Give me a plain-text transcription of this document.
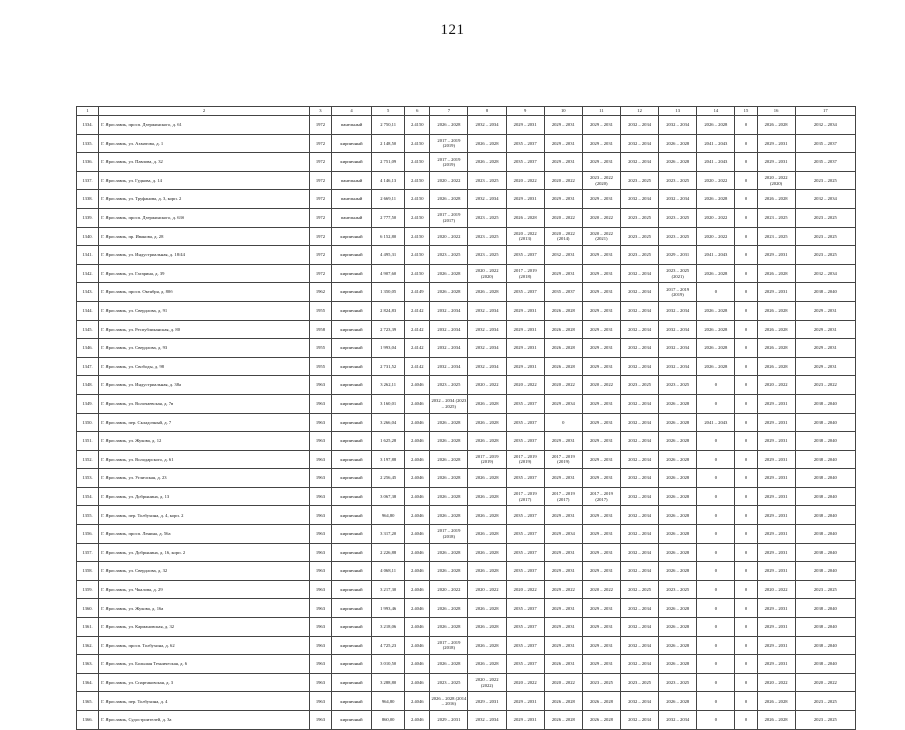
121
1	2	3	4	5	6	7	8	9	10	11	12	13	14	15	16	17
1334.	Г. Ярославль, просп. Дзержинского, д. 61	1972	панельный	2 750,11	2.4150	2026 – 2028	2032 – 2034	2029 – 2031	2029 – 2031	2029 – 2031	2032 – 2034	2032 – 2034	2026 – 2028	0	2026 – 2028	2032 – 2034
1335.	Г. Ярославль, ул. Ахматова, д. 1	1972	кирпичный	2 148,50	2.4150	2017 – 2019 (2019)	2026 – 2028	2035 – 2037	2029 – 2031	2029 – 2031	2032 – 2034	2026 – 2028	2041 – 2043	0	2029 – 2031	2035 – 2037
1336.	Г. Ярославль, ул. Павлова, д. 32	1972	кирпичный	2 751,09	2.4150	2017 – 2019 (2019)	2026 – 2028	2035 – 2037	2029 – 2031	2029 – 2031	2032 – 2034	2026 – 2028	2041 – 2043	0	2029 – 2031	2035 – 2037
1337.	Г. Ярославль, ул. Гудкова, д. 14	1972	панельный	4 146,13	2.4150	2020 – 2022	2023 – 2025	2020 – 2022	2020 – 2022	2023 – 2022 (2020)	2023 – 2025	2023 – 2025	2020 – 2022	0	2020 – 2022 (2020)	2023 – 2025
1338.	Г. Ярославль, ул. Труфанова, д. 3, корп. 2	1972	панельный	2 669,11	2.4150	2026 – 2028	2032 – 2034	2029 – 2031	2029 – 2031	2029 – 2031	2032 – 2034	2032 – 2034	2026 – 2028	0	2026 – 2028	2032 – 2034
1339.	Г. Ярославль, просп. Дзержинского, д. 63б	1972	панельный	2 777,50	2.4150	2017 – 2019 (2017)	2023 – 2025	2026 – 2028	2020 – 2022	2020 – 2022	2023 – 2025	2023 – 2025	2020 – 2022	0	2023 – 2025	2023 – 2025
1340.	Г. Ярославль, пр. Иванова, д. 28	1972	кирпичный	6 152,80	2.4150	2020 – 2022	2023 – 2025	2020 – 2022 (2013)	2020 – 2022 (2014)	2020 – 2022 (2021)	2023 – 2025	2023 – 2025	2020 – 2022	0	2023 – 2025	2023 – 2025
1341.	Г. Ярославль, ул. Индустриальная, д. 18/44	1972	кирпичный	4 495,31	2.4150	2023 – 2025	2023 – 2025	2035 – 2037	2032 – 2031	2029 – 2031	2023 – 2025	2029 – 2031	2041 – 2043	0	2029 – 2031	2023 – 2025
1342.	Г. Ярославль, ул. Гагарина, д. 39	1972	кирпичный	4 907,60	2.4150	2026 – 2028	2020 – 2022 (2020)	2017 – 2019 (2018)	2029 – 2031	2029 – 2031	2032 – 2034	2023 – 2025 (2021)	2026 – 2028	0	2026 – 2028	2032 – 2034
1343.	Г. Ярославль, просп. Октября, д. 80б	1962	кирпичный	1 350,05	2.4149	2026 – 2028	2026 – 2028	2035 – 2037	2035 – 2037	2029 – 2031	2032 – 2034	2017 – 2019 (2019)	0	0	2029 – 2031	2038 – 2040
1344.	Г. Ярославль, ул. Свердлова, д. 91	1955	кирпичный	2 824,83	2.4142	2032 – 2034	2032 – 2034	2029 – 2031	2026 – 2028	2029 – 2031	2032 – 2034	2032 – 2034	2026 – 2028	0	2026 – 2028	2029 – 2031
1345.	Г. Ярославль, ул. Республиканская, д. 80	1958	кирпичный	2 723,39	2.4142	2032 – 2034	2032 – 2034	2029 – 2031	2026 – 2028	2029 – 2031	2032 – 2034	2032 – 2034	2026 – 2028	0	2026 – 2028	2029 – 2031
1346.	Г. Ярославль, ул. Свердлова, д. 93	1955	кирпичный	1 993,04	2.4142	2032 – 2034	2032 – 2034	2029 – 2031	2026 – 2028	2029 – 2031	2032 – 2034	2032 – 2034	2026 – 2028	0	2026 – 2028	2029 – 2031
1347.	Г. Ярославль, ул. Свободы, д. 98	1955	кирпичный	2 731,52	2.4142	2032 – 2034	2032 – 2034	2029 – 2031	2026 – 2028	2029 – 2031	2032 – 2034	2032 – 2034	2026 – 2028	0	2026 – 2028	2029 – 2031
1348.	Г. Ярославль, ул. Индустриальная, д. 38а	1963	кирпичный	3 262,11	2.4046	2023 – 2025	2020 – 2022	2020 – 2022	2020 – 2022	2020 – 2022	2023 – 2025	2023 – 2025	0	0	2020 – 2022	2023 – 2022
1349.	Г. Ярославль, ул. Волочаевская, д. 7в	1963	кирпичный	3 160,01	2.4046	2032 – 2034 (2023 – 2025)	2026 – 2028	2035 – 2037	2029 – 2034	2029 – 2031	2032 – 2034	2026 – 2028	0	0	2029 – 2031	2038 – 2040
1350.	Г. Ярославль, пер. Складочный, д. 7	1963	кирпичный	3 266,04	2.4046	2026 – 2028	2026 – 2028	2035 – 2037	0	2029 – 2031	2032 – 2034	2026 – 2028	2041 – 2043	0	2029 – 2031	2038 – 2040
1351.	Г. Ярославль, ул. Жукова, д. 12	1963	кирпичный	1 625,28	2.4046	2026 – 2028	2026 – 2028	2035 – 2037	2029 – 2031	2029 – 2031	2032 – 2034	2026 – 2028	0	0	2029 – 2031	2038 – 2040
1352.	Г. Ярославль, ул. Володарского, д. 61	1963	кирпичный	3 197,88	2.4046	2026 – 2028	2017 – 2019 (2019)	2017 – 2019 (2019)	2017 – 2019 (2019)	2029 – 2031	2032 – 2034	2026 – 2028	0	0	2029 – 2031	2038 – 2040
1353.	Г. Ярославль, ул. Угличская, д. 23	1963	кирпичный	2 256,45	2.4046	2026 – 2028	2026 – 2028	2035 – 2037	2029 – 2031	2029 – 2031	2032 – 2034	2026 – 2028	0	0	2029 – 2031	2038 – 2040
1354.	Г. Ярославль, ул. Добрынина, д. 13	1963	кирпичный	3 067,38	2.4046	2026 – 2028	2026 – 2028	2017 – 2019 (2017)	2017 – 2019 (2017)	2017 – 2019 (2017)	2032 – 2034	2026 – 2028	0	0	2029 – 2031	2038 – 2040
1355.	Г. Ярославль, пер. Толбухина, д. 4, корп. 2	1963	кирпичный	964,80	2.4046	2026 – 2028	2026 – 2028	2035 – 2037	2029 – 2031	2029 – 2031	2032 – 2034	2026 – 2028	0	0	2029 – 2031	2038 – 2040
1356.	Г. Ярославль, просп. Ленина, д. 56а	1963	кирпичный	3 317,20	2.4046	2017 – 2019 (2018)	2026 – 2028	2035 – 2037	2029 – 2034	2029 – 2031	2032 – 2034	2026 – 2028	0	0	2029 – 2031	2038 – 2040
1357.	Г. Ярославль, ул. Добрынина, д. 16, корп. 2	1963	кирпичный	2 226,88	2.4046	2026 – 2028	2026 – 2028	2035 – 2037	2029 – 2031	2029 – 2031	2032 – 2034	2026 – 2028	0	0	2029 – 2031	2038 – 2040
1358.	Г. Ярославль, ул. Свердлова, д. 32	1963	кирпичный	4 068,11	2.4046	2026 – 2028	2026 – 2028	2035 – 2037	2029 – 2031	2029 – 2031	2032 – 2034	2026 – 2028	0	0	2029 – 2031	2038 – 2040
1359.	Г. Ярославль, ул. Чкалова, д. 29	1963	кирпичный	3 217,30	2.4046	2020 – 2022	2020 – 2022	2020 – 2022	2029 – 2022	2020 – 2022	2032 – 2025	2023 – 2025	0	0	2020 – 2022	2023 – 2025
1360.	Г. Ярославль, ул. Жукова, д. 16а	1963	кирпичный	1 993,46	2.4046	2026 – 2028	2026 – 2028	2035 – 2037	2029 – 2031	2029 – 2031	2032 – 2034	2026 – 2028	0	0	2029 – 2031	2038 – 2040
1361.	Г. Ярославль, ул. Кармановская, д. 32	1963	кирпичный	3 218,06	2.4046	2026 – 2028	2026 – 2028	2035 – 2037	2029 – 2031	2029 – 2031	2032 – 2034	2026 – 2028	0	0	2029 – 2031	2038 – 2040
1362.	Г. Ярославль, просп. Толбухина, д. 62	1963	кирпичный	4 725,23	2.4046	2017 – 2019 (2018)	2026 – 2028	2035 – 2037	2029 – 2031	2029 – 2031	2032 – 2034	2026 – 2028	0	0	2029 – 2031	2038 – 2040
1363.	Г. Ярославль, ул. Большая Техническая, д. 6	1963	кирпичный	3 010,50	2.4046	2026 – 2028	2026 – 2028	2035 – 2037	2026 – 2031	2029 – 2031	2032 – 2034	2026 – 2028	0	0	2029 – 2031	2038 – 2040
1364.	Г. Ярославль, ул. Спартаковская, д. 3	1963	кирпичный	3 288,80	2.4046	2023 – 2025	2020 – 2022 (2022)	2020 – 2022	2020 – 2022	2023 – 2025	2023 – 2025	2023 – 2025	0	0	2020 – 2022	2020 – 2022
1365.	Г. Ярославль, пер. Толбухина, д. 4	1963	кирпичный	964,80	2.4046	2026 – 2028 (2014 – 2016)	2029 – 2031	2029 – 2031	2026 – 2028	2026 – 2028	2032 – 2034	2026 – 2028	0	0	2026 – 2028	2023 – 2025
1366.	Г. Ярославль, Судостроителей, д. 3а	1963	кирпичный	860,00	2.4046	2029 – 2031	2032 – 2034	2029 – 2031	2026 – 2028	2026 – 2028	2032 – 2034	2032 – 2034	0	0	2026 – 2028	2023 – 2025
